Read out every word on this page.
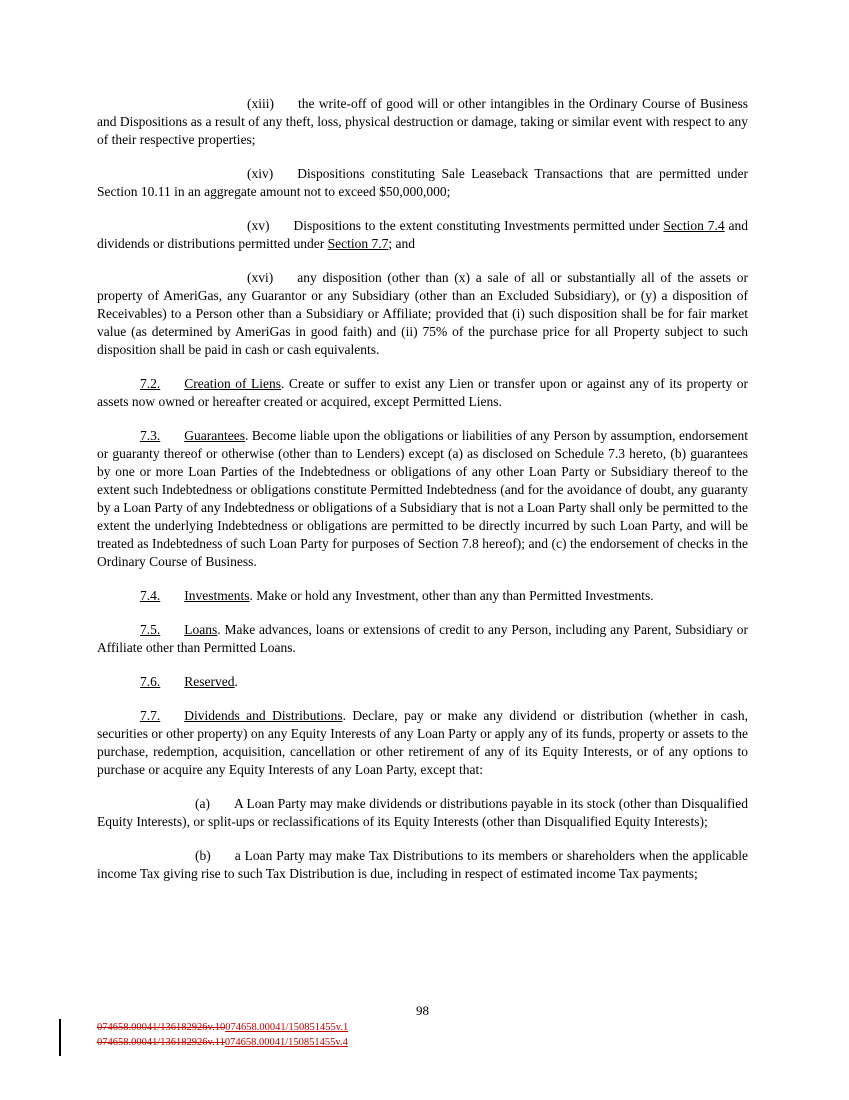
(xiii) the write-off of good will or other intangibles in the Ordinary Course of Business and Dispositions as a result of any theft, loss, physical destruction or damage, taking or similar event with respect to any of their respective properties;

(xiv) Dispositions constituting Sale Leaseback Transactions that are permitted under Section 10.11 in an aggregate amount not to exceed $50,000,000;

(xv) Dispositions to the extent constituting Investments permitted under Section 7.4 and dividends or distributions permitted under Section 7.7; and

(xvi) any disposition (other than (x) a sale of all or substantially all of the assets or property of AmeriGas, any Guarantor or any Subsidiary (other than an Excluded Subsidiary), or (y) a disposition of Receivables) to a Person other than a Subsidiary or Affiliate; provided that (i) such disposition shall be for fair market value (as determined by AmeriGas in good faith) and (ii) 75% of the purchase price for all Property subject to such disposition shall be paid in cash or cash equivalents.

7.2. Creation of Liens. Create or suffer to exist any Lien or transfer upon or against any of its property or assets now owned or hereafter created or acquired, except Permitted Liens.

7.3. Guarantees. Become liable upon the obligations or liabilities of any Person by assumption, endorsement or guaranty thereof or otherwise (other than to Lenders) except (a) as disclosed on Schedule 7.3 hereto, (b) guarantees by one or more Loan Parties of the Indebtedness or obligations of any other Loan Party or Subsidiary thereof to the extent such Indebtedness or obligations constitute Permitted Indebtedness (and for the avoidance of doubt, any guaranty by a Loan Party of any Indebtedness or obligations of a Subsidiary that is not a Loan Party shall only be permitted to the extent the underlying Indebtedness or obligations are permitted to be directly incurred by such Loan Party, and will be treated as Indebtedness of such Loan Party for purposes of Section 7.8 hereof); and (c) the endorsement of checks in the Ordinary Course of Business.

7.4. Investments. Make or hold any Investment, other than any than Permitted Investments.

7.5. Loans. Make advances, loans or extensions of credit to any Person, including any Parent, Subsidiary or Affiliate other than Permitted Loans.

7.6. Reserved.

7.7. Dividends and Distributions. Declare, pay or make any dividend or distribution (whether in cash, securities or other property) on any Equity Interests of any Loan Party or apply any of its funds, property or assets to the purchase, redemption, acquisition, cancellation or other retirement of any of its Equity Interests, or of any options to purchase or acquire any Equity Interests of any Loan Party, except that:

(a) A Loan Party may make dividends or distributions payable in its stock (other than Disqualified Equity Interests), or split-ups or reclassifications of its Equity Interests (other than Disqualified Equity Interests);

(b) a Loan Party may make Tax Distributions to its members or shareholders when the applicable income Tax giving rise to such Tax Distribution is due, including in respect of estimated income Tax payments;

98
074658.00041/136182926v.10074658.00041/150851455v.1
074658.00041/136182926v.11074658.00041/150851455v.4
